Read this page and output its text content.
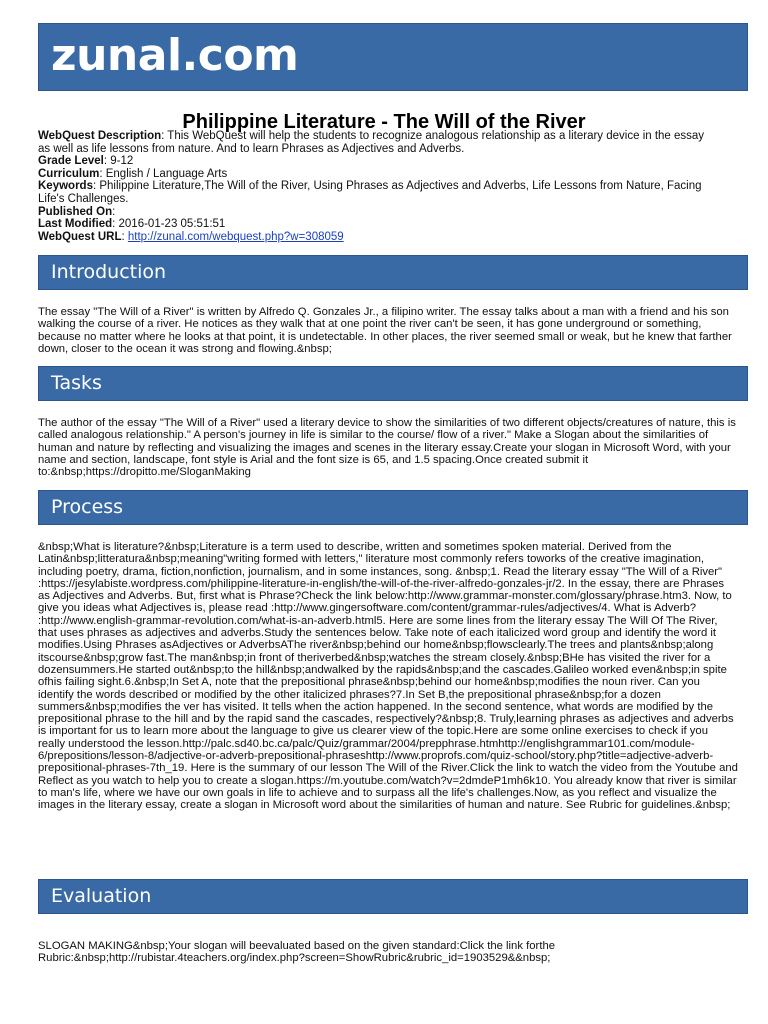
zunal.com
Philippine Literature - The Will of the River

WebQuest Description: This WebQuest will help the students to recognize analogous relationship as a literary device in the essay as well as life lessons from nature. And to learn Phrases as Adjectives and Adverbs.

Grade Level: 9-12

Curriculum: English / Language Arts

Keywords: Philippine Literature,The Will of the River, Using Phrases as Adjectives and Adverbs, Life Lessons from Nature, Facing Life's Challenges.

Published On:

Last Modified: 2016-01-23 05:51:51

WebQuest URL: http://zunal.com/webquest.php?w=308059

Introduction

The essay "The Will of a River" is written by Alfredo Q. Gonzales Jr., a filipino writer. The essay talks about a man with a friend and his son walking the course of a river. He notices as they walk that at one point the river can't be seen, it has gone underground or something, because no matter where he looks at that point, it is undetectable. In other places, the river seemed small or weak, but he knew that farther down, closer to the ocean it was strong and flowing.&nbsp;

Tasks

The author of the essay "The Will of a River" used a literary device to show the similarities of two different objects/creatures of nature, this is called analogous relationship." A person's journey in life is similar to the course/ flow of a river." Make a Slogan about the similarities of human and nature by reflecting and visualizing the images and scenes in the literary essay.Create your slogan in Microsoft Word, with your name and section, landscape, font style is Arial and the font size is 65, and 1.5 spacing.Once created submit it to:&nbsp;https://dropitto.me/SloganMaking

Process

&nbsp;What is literature?&nbsp;Literature is a term used to describe, written and sometimes spoken material. Derived from the Latin&nbsp;litteratura&nbsp;meaning"writing formed with letters," literature most commonly refers toworks of the creative imagination, including poetry, drama, fiction,nonfiction, journalism, and in some instances, song. &nbsp;1. Read the literary essay "The Will of a River" :https://jesylabiste.wordpress.com/philippine-literature-in-english/the-will-of-the-river-alfredo-gonzales-jr/2. In the essay, there are Phrases as Adjectives and Adverbs. But, first what is Phrase?Check the link below:http://www.grammar-monster.com/glossary/phrase.htm3. Now, to give you ideas what Adjectives is, please read :http://www.gingersoftware.com/content/grammar-rules/adjectives/4. What is Adverb? :http://www.english-grammar-revolution.com/what-is-an-adverb.html5. Here are some lines from the literary essay The Will Of The River, that uses phrases as adjectives and adverbs.Study the sentences below. Take note of each italicized word group and identify the word it modifies.Using Phrases asAdjectives or AdverbsAThe river&nbsp;behind our home&nbsp;flowsclearly.The trees and plants&nbsp;along itscourse&nbsp;grow fast.The man&nbsp;in front of theriverbed&nbsp;watches the stream closely.&nbsp;BHe has visited the river for a dozensummers.He started out&nbsp;to the hill&nbsp;andwalked by the rapids&nbsp;and the cascades.Galileo worked even&nbsp;in spite ofhis failing sight.6.&nbsp;In Set A, note that the prepositional phrase&nbsp;behind our home&nbsp;modifies the noun river. Can you identify the words described or modified by the other italicized phrases?7.In Set B,the prepositional phrase&nbsp;for a dozen summers&nbsp;modifies the ver has visited. It tells when the action happened. In the second sentence, what words are modified by the prepositional phrase to the hill and by the rapid sand the cascades, respectively?&nbsp;8. Truly,learning phrases as adjectives and adverbs is important for us to learn more about the language to give us clearer view of the topic.Here are some online exercises to check if you really understood the lesson.http://palc.sd40.bc.ca/palc/Quiz/grammar/2004/prepphrase.htmhttp://englishgrammar101.com/module-6/prepositions/lesson-8/adjective-or-adverb-prepositional-phraseshttp://www.proprofs.com/quiz-school/story.php?title=adjective-adverb-prepositional-phrases-7th_19. Here is the summary of our lesson The Will of the River.Click the link to watch the video from the Youtube and Reflect as you watch to help you to create a slogan.https://m.youtube.com/watch?v=2dmdeP1mh6k10. You already know that river is similar to man's life, where we have our own goals in life to achieve and to surpass all the life's challenges.Now, as you reflect and visualize the images in the literary essay, create a slogan in Microsoft word about the similarities of human and nature. See Rubric for guidelines.&nbsp;

Evaluation

SLOGAN MAKING&nbsp;Your slogan will beevaluated based on the given standard:Click the link forthe Rubric:&nbsp;http://rubistar.4teachers.org/index.php?screen=ShowRubric&rubric_id=1903529&&nbsp;
